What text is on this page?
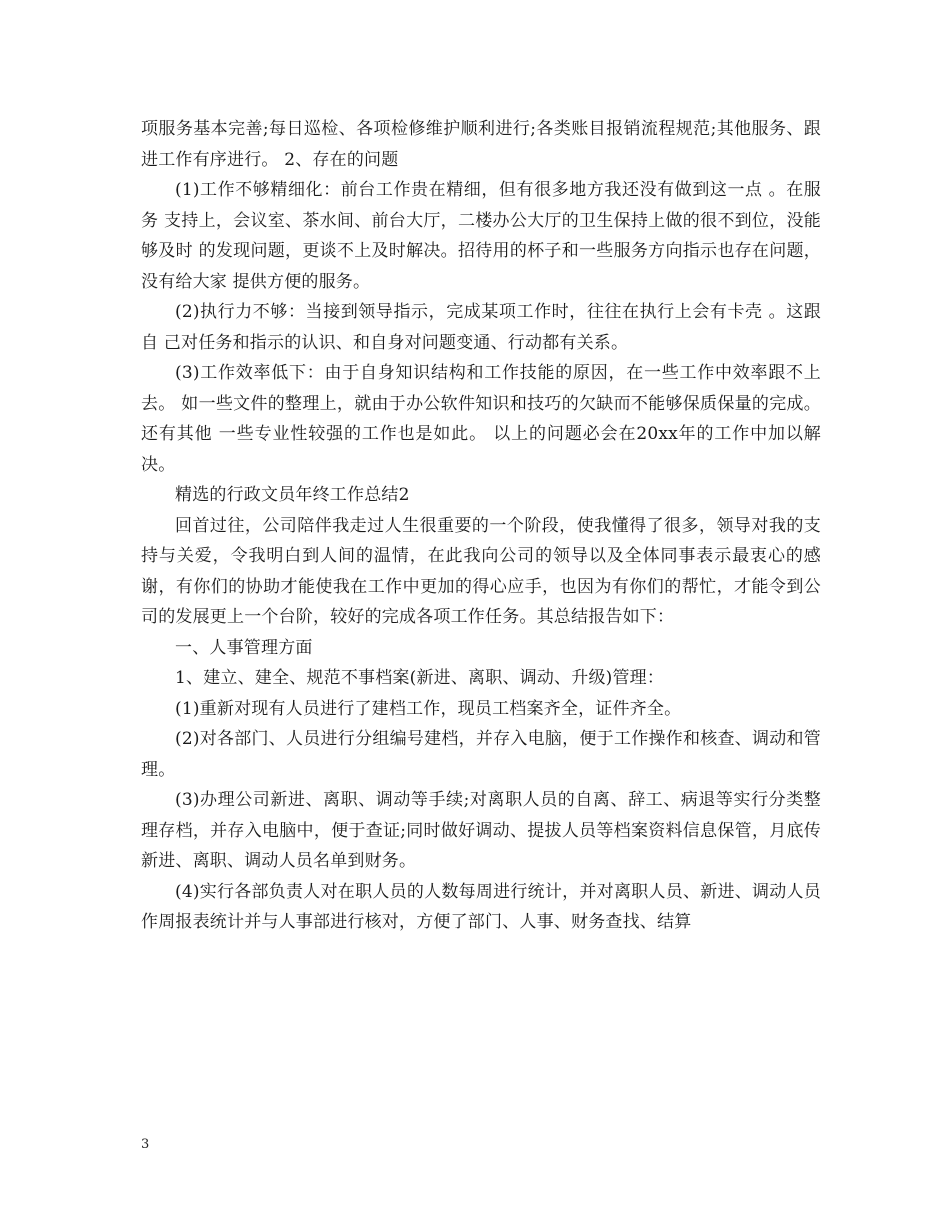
项服务基本完善;每日巡检、各项检修维护顺利进行;各类账目报销流程规范;其他服务、跟进工作有序进行。 2、存在的问题

(1)工作不够精细化：前台工作贵在精细，但有很多地方我还没有做到这一点 。在服务 支持上，会议室、茶水间、前台大厅，二楼办公大厅的卫生保持上做的很不到位，没能够及时 的发现问题，更谈不上及时解决。招待用的杯子和一些服务方向指示也存在问题，没有给大家 提供方便的服务。

(2)执行力不够：当接到领导指示，完成某项工作时，往往在执行上会有卡壳 。这跟自 己对任务和指示的认识、和自身对问题变通、行动都有关系。

(3)工作效率低下：由于自身知识结构和工作技能的原因，在一些工作中效率跟不上去。 如一些文件的整理上，就由于办公软件知识和技巧的欠缺而不能够保质保量的完成。还有其他 一些专业性较强的工作也是如此。 以上的问题必会在20xx年的工作中加以解决。

精选的行政文员年终工作总结2

回首过往，公司陪伴我走过人生很重要的一个阶段，使我懂得了很多，领导对我的支持与关爱，令我明白到人间的温情，在此我向公司的领导以及全体同事表示最衷心的感谢，有你们的协助才能使我在工作中更加的得心应手，也因为有你们的帮忙，才能令到公司的发展更上一个台阶，较好的完成各项工作任务。其总结报告如下：

一、人事管理方面

1、建立、建全、规范不事档案(新进、离职、调动、升级)管理：

(1)重新对现有人员进行了建档工作，现员工档案齐全，证件齐全。

(2)对各部门、人员进行分组编号建档，并存入电脑，便于工作操作和核查、调动和管理。

(3)办理公司新进、离职、调动等手续;对离职人员的自离、辞工、病退等实行分类整理存档，并存入电脑中，便于查证;同时做好调动、提拔人员等档案资料信息保管，月底传新进、离职、调动人员名单到财务。

(4)实行各部负责人对在职人员的人数每周进行统计，并对离职人员、新进、调动人员作周报表统计并与人事部进行核对，方便了部门、人事、财务查找、结算

3
